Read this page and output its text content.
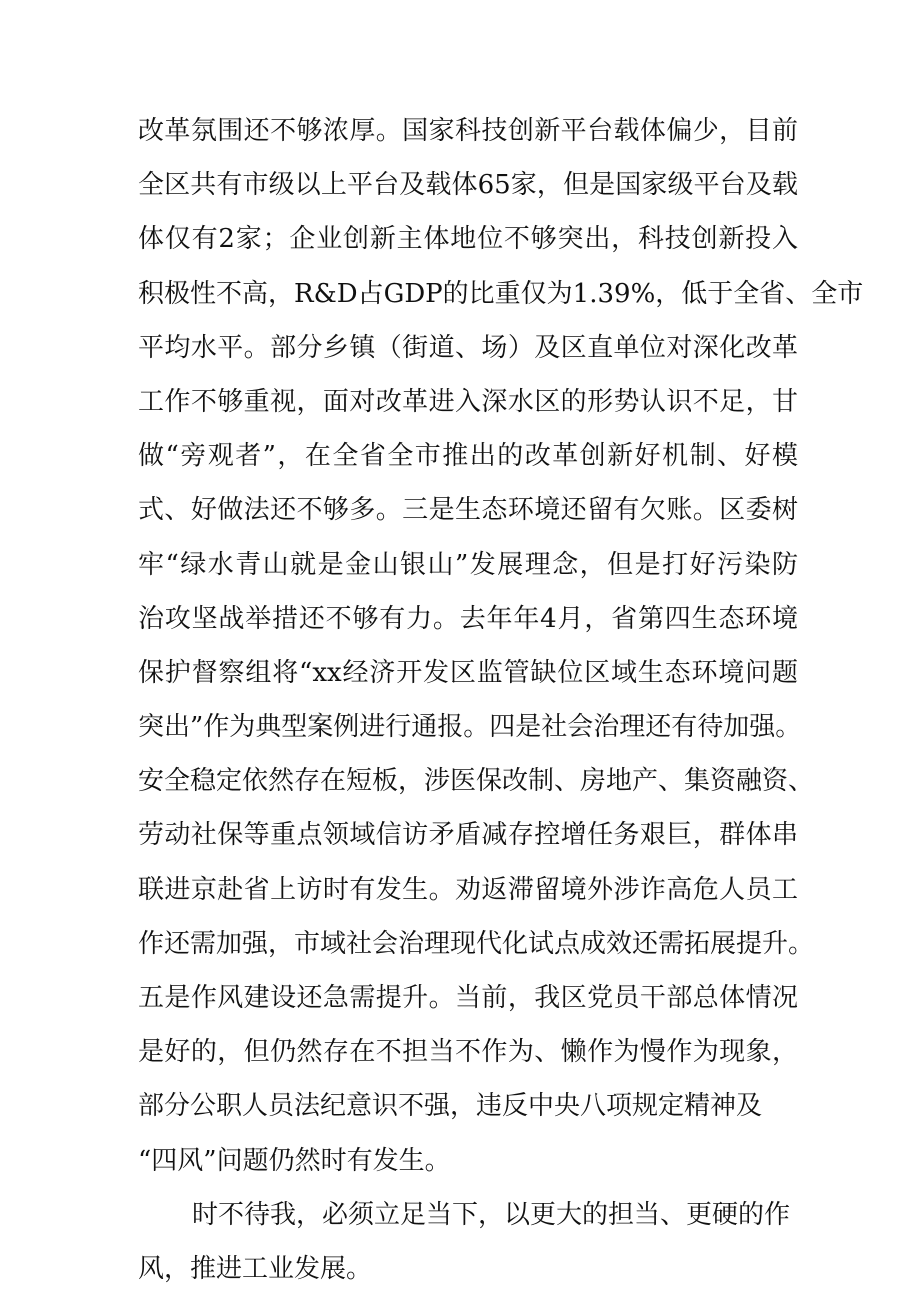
改革氛围还不够浓厚。国家科技创新平台载体偏少，目前
全区共有市级以上平台及载体65家，但是国家级平台及载
体仅有2家；企业创新主体地位不够突出，科技创新投入
积极性不高，R&D占GDP的比重仅为1.39%，低于全省、全市
平均水平。部分乡镇（街道、场）及区直单位对深化改革
工作不够重视，面对改革进入深水区的形势认识不足，甘
做“旁观者”，在全省全市推出的改革创新好机制、好模
式、好做法还不够多。三是生态环境还留有欠账。区委树
牢“绿水青山就是金山银山”发展理念，但是打好污染防
治攻坚战举措还不够有力。去年年4月，省第四生态环境
保护督察组将“xx经济开发区监管缺位区域生态环境问题
突出”作为典型案例进行通报。四是社会治理还有待加强。
安全稳定依然存在短板，涉医保改制、房地产、集资融资、
劳动社保等重点领域信访矛盾减存控增任务艰巨，群体串
联进京赴省上访时有发生。劝返滞留境外涉诈高危人员工
作还需加强，市域社会治理现代化试点成效还需拓展提升。
五是作风建设还急需提升。当前，我区党员干部总体情况
是好的，但仍然存在不担当不作为、懒作为慢作为现象，
部分公职人员法纪意识不强，违反中央八项规定精神及
“四风”问题仍然时有发生。
时不待我，必须立足当下，以更大的担当、更硬的作
风，推进工业发展。
